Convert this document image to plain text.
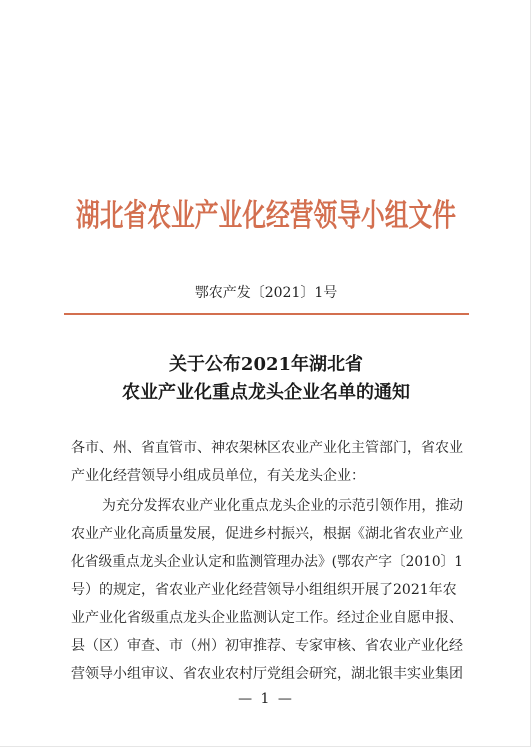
湖北省农业产业化经营领导小组文件
鄂农产发〔2021〕1号
关于公布2021年湖北省
农业产业化重点龙头企业名单的通知
各市、州、省直管市、神农架林区农业产业化主管部门，省农业
产业化经营领导小组成员单位，有关龙头企业：
为充分发挥农业产业化重点龙头企业的示范引领作用，推动
农业产业化高质量发展，促进乡村振兴，根据《湖北省农业产业
化省级重点龙头企业认定和监测管理办法》(鄂农产字〔2010〕1
号）的规定，省农业产业化经营领导小组组织开展了2021年农
业产业化省级重点龙头企业监测认定工作。经过企业自愿申报、
县（区）审查、市（州）初审推荐、专家审核、省农业产业化经
营领导小组审议、省农业农村厅党组会研究，湖北银丰实业集团
— 1 —
